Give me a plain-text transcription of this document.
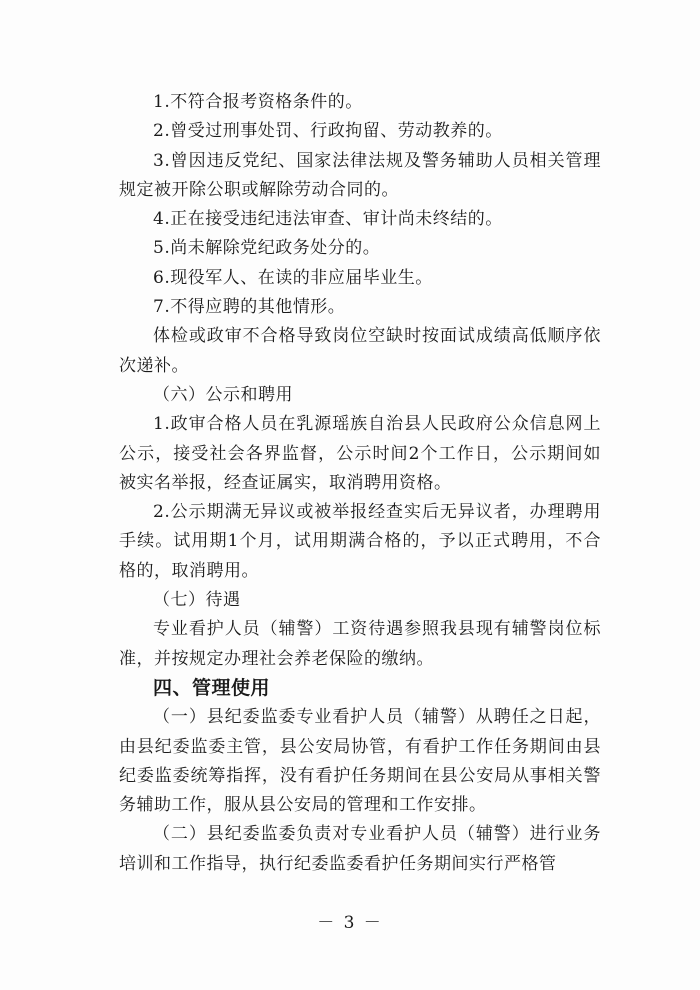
1.不符合报考资格条件的。

2.曾受过刑事处罚、行政拘留、劳动教养的。

3.曾因违反党纪、国家法律法规及警务辅助人员相关管理规定被开除公职或解除劳动合同的。

4.正在接受违纪违法审查、审计尚未终结的。

5.尚未解除党纪政务处分的。

6.现役军人、在读的非应届毕业生。

7.不得应聘的其他情形。

体检或政审不合格导致岗位空缺时按面试成绩高低顺序依次递补。

（六）公示和聘用

1.政审合格人员在乳源瑶族自治县人民政府公众信息网上公示，接受社会各界监督，公示时间2个工作日，公示期间如被实名举报，经查证属实，取消聘用资格。

2.公示期满无异议或被举报经查实后无异议者，办理聘用手续。试用期1个月，试用期满合格的，予以正式聘用，不合格的，取消聘用。

（七）待遇

专业看护人员（辅警）工资待遇参照我县现有辅警岗位标准，并按规定办理社会养老保险的缴纳。

四、管理使用

（一）县纪委监委专业看护人员（辅警）从聘任之日起，由县纪委监委主管，县公安局协管，有看护工作任务期间由县纪委监委统筹指挥，没有看护任务期间在县公安局从事相关警务辅助工作，服从县公安局的管理和工作安排。

（二）县纪委监委负责对专业看护人员（辅警）进行业务培训和工作指导，执行纪委监委看护任务期间实行严格管

－ 3 －
